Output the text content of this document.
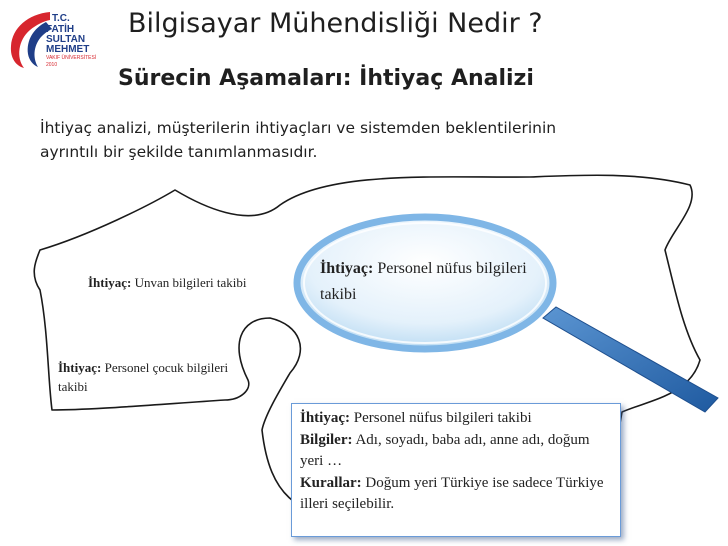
T.C.
FATİH
SULTAN
MEHMET
VAKIF ÜNİVERSİTESİ
2010
Bilgisayar Mühendisliği Nedir ?
Sürecin Aşamaları: İhtiyaç Analizi
İhtiyaç analizi, müşterilerin ihtiyaçları ve sistemden beklentilerinin ayrıntılı bir şekilde tanımlanmasıdır.
İhtiyaç: Unvan bilgileri takibi
İhtiyaç: Personel çocuk bilgileri takibi
İhtiyaç: Personel nüfus bilgileri takibi

İhtiyaç: Personel nüfus bilgileri takibi

Bilgiler: Adı, soyadı, baba adı, anne adı, doğum yeri …

Kurallar: Doğum yeri Türkiye ise sadece Türkiye illeri seçilebilir.
